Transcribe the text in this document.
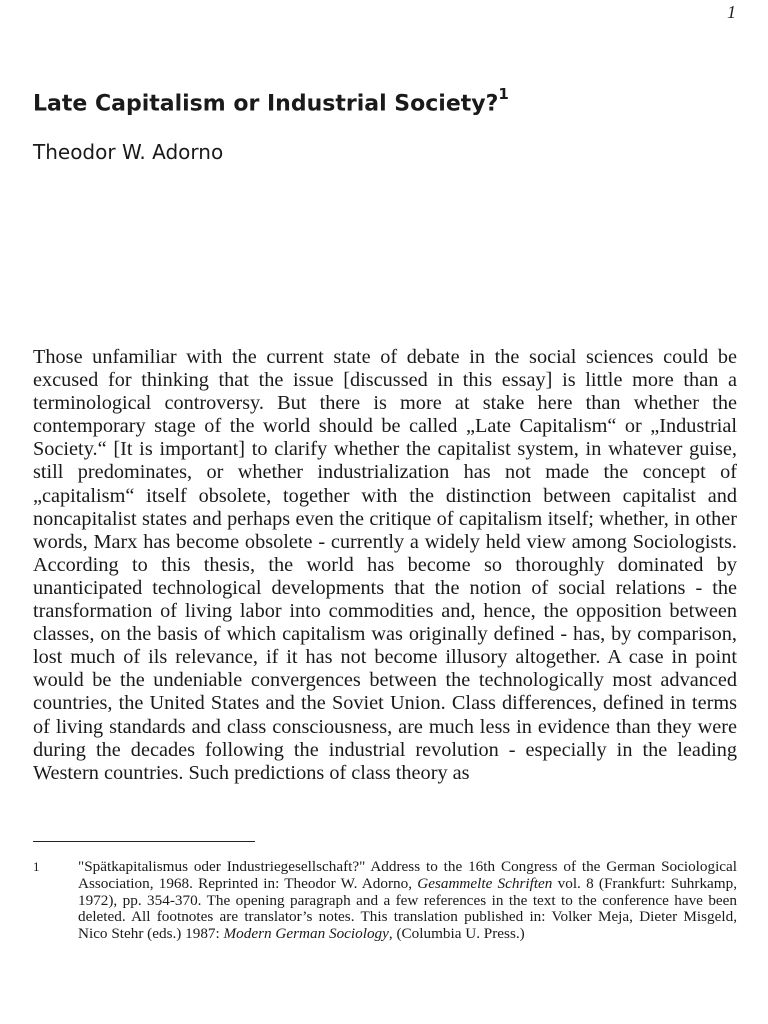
1
Late Capitalism or Industrial Society?$^1$
Theodor W. Adorno

Those unfamiliar with the current state of debate in the social sciences could be excused for thinking that the issue [discussed in this essay] is little more than a terminological controversy. But there is more at stake here than whether the contemporary stage of the world should be called „Late Capitalism“ or „Industrial Society.“ [It is important] to clarify whether the capitalist system, in whatever guise, still predominates, or whether industrialization has not made the concept of „capitalism“ itself obsolete, together with the distinction between capitalist and noncapitalist states and perhaps even the critique of capitalism itself; whether, in other words, Marx has become obsolete - currently a widely held view among Sociologists. According to this thesis, the world has become so thoroughly dominated by unanticipated technological developments that the notion of social relations - the transformation of living labor into commodities and, hence, the opposition between classes, on the basis of which capitalism was originally defined - has, by comparison, lost much of ils relevance, if it has not become illusory altogether. A case in point would be the undeniable convergences between the technologically most advanced countries, the United States and the Soviet Union. Class differences, defined in terms of living standards and class consciousness, are much less in evidence than they were during the decades following the industrial revolution - especially in the leading Western countries. Such predictions of class theory as

1	"Spätkapitalismus oder Industriegesellschaft?" Address to the 16th Congress of the German Sociological Association, 1968. Reprinted in: Theodor W. Adorno, Gesammelte Schriften vol. 8 (Frankfurt: Suhrkamp, 1972), pp. 354-370. The opening paragraph and a few references in the text to the conference have been deleted. All footnotes are translator’s notes. This translation published in: Volker Meja, Dieter Misgeld, Nico Stehr (eds.) 1987: Modern German Sociology, (Columbia U. Press.)
